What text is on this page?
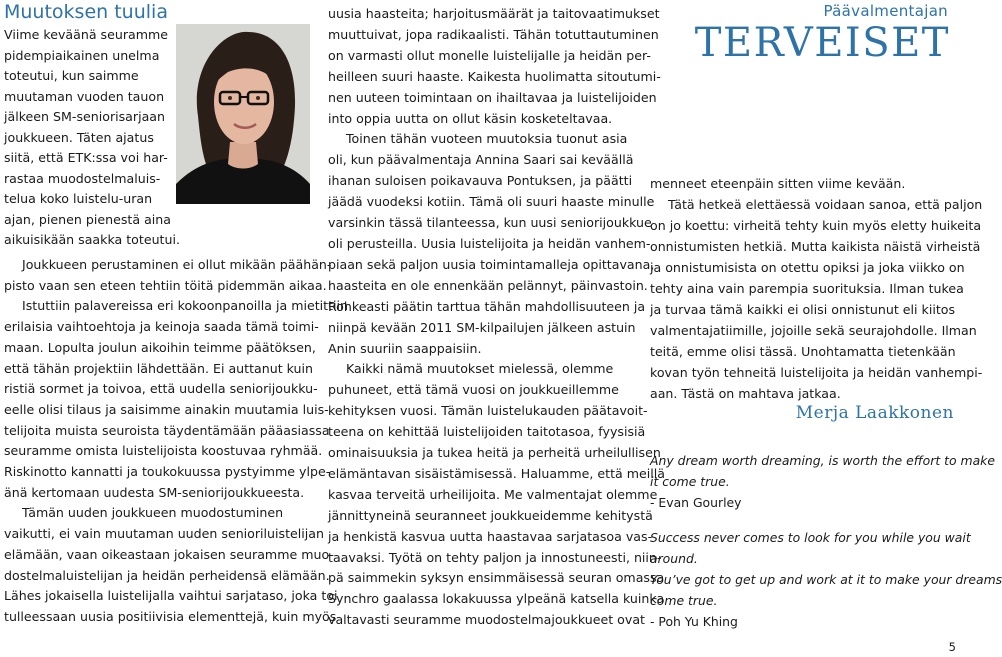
Muutoksen tuulia
Viime keväänä seuramme
pidempiaikainen unelma
toteutui, kun saimme
muutaman vuoden tauon
jälkeen SM-seniorisarjaan
joukkueen. Täten ajatus
siitä, että ETK:ssa voi har-
rastaa muodostelmaluis-
telua koko luistelu-uran
ajan, pienen pienestä aina
aikuisikään saakka toteutui.
Joukkueen perustaminen ei ollut mikään päähän-
pisto vaan sen eteen tehtiin töitä pidemmän aikaa.
Istuttiin palavereissa eri kokoonpanoilla ja mietittiin
erilaisia vaihtoehtoja ja keinoja saada tämä toimi-
maan. Lopulta joulun aikoihin teimme päätöksen,
että tähän projektiin lähdettään. Ei auttanut kuin
ristiä sormet ja toivoa, että uudella seniorijoukku-
eelle olisi tilaus ja saisimme ainakin muutamia luis-
telijoita muista seuroista täydentämään pääasiassa
seuramme omista luistelijoista koostuvaa ryhmää.
Riskinotto kannatti ja toukokuussa pystyimme ylpe-
änä kertomaan uudesta SM-seniorijoukkueesta.
Tämän uuden joukkueen muodostuminen
vaikutti, ei vain muutaman uuden senioriluistelijan
elämään, vaan oikeastaan jokaisen seuramme muo-
dostelmaluistelijan ja heidän perheidensä elämään.
Lähes jokaisella luistelijalla vaihtui sarjataso, joka toi
tulleessaan uusia positiivisia elementtejä, kuin myös
uusia haasteita; harjoitusmäärät ja taitovaatimukset
muuttuivat, jopa radikaalisti. Tähän totuttautuminen
on varmasti ollut monelle luistelijalle ja heidän per-
heilleen suuri haaste. Kaikesta huolimatta sitoutumi-
nen uuteen toimintaan on ihailtavaa ja luistelijoiden
into oppia uutta on ollut käsin kosketeltavaa.
Toinen tähän vuoteen muutoksia tuonut asia
oli, kun päävalmentaja Annina Saari sai keväällä
ihanan suloisen poikavauva Pontuksen, ja päätti
jäädä vuodeksi kotiin. Tämä oli suuri haaste minulle
varsinkin tässä tilanteessa, kun uusi seniorijoukkue
oli perusteilla. Uusia luistelijoita ja heidän vanhem-
piaan sekä paljon uusia toimintamalleja opittavana,
haasteita en ole ennenkään pelännyt, päinvastoin.
Rohkeasti päätin tarttua tähän mahdollisuuteen ja
niinpä kevään 2011 SM-kilpailujen jälkeen astuin
Anin suuriin saappaisiin.
Kaikki nämä muutokset mielessä, olemme
puhuneet, että tämä vuosi on joukkueillemme
kehityksen vuosi. Tämän luistelukauden päätavoit-
teena on kehittää luistelijoiden taitotasoa, fyysisiä
ominaisuuksia ja tukea heitä ja perheitä urheilullisen
elämäntavan sisäistämisessä. Haluamme, että meillä
kasvaa terveitä urheilijoita. Me valmentajat olemme
jännittyneinä seuranneet joukkueidemme kehitystä
ja henkistä kasvua uutta haastavaa sarjatasoa vas-
taavaksi. Työtä on tehty paljon ja innostuneesti, niin-
pä saimmekin syksyn ensimmäisessä seuran omassa
Synchro gaalassa lokakuussa ylpeänä katsella kuinka
valtavasti seuramme muodostelmajoukkueet ovat
Päävalmentajan
TERVEISET
menneet eteenpäin sitten viime kevään.
Tätä hetkeä elettäessä voidaan sanoa, että paljon
on jo koettu: virheitä tehty kuin myös eletty huikeita
onnistumisten hetkiä. Mutta kaikista näistä virheistä
ja onnistumisista on otettu opiksi ja joka viikko on
tehty aina vain parempia suorituksia. Ilman tukea
ja turvaa tämä kaikki ei olisi onnistunut eli kiitos
valmentajatiimille, jojoille sekä seurajohdolle. Ilman
teitä, emme olisi tässä. Unohtamatta tietenkään
kovan työn tehneitä luistelijoita ja heidän vanhempi-
aan. Tästä on mahtava jatkaa.
Merja Laakkonen
Any dream worth dreaming, is worth the effort to make
it come true.
- Evan Gourley
Success never comes to look for you while you wait
around.
You’ve got to get up and work at it to make your dreams
come true.
- Poh Yu Khing
5
